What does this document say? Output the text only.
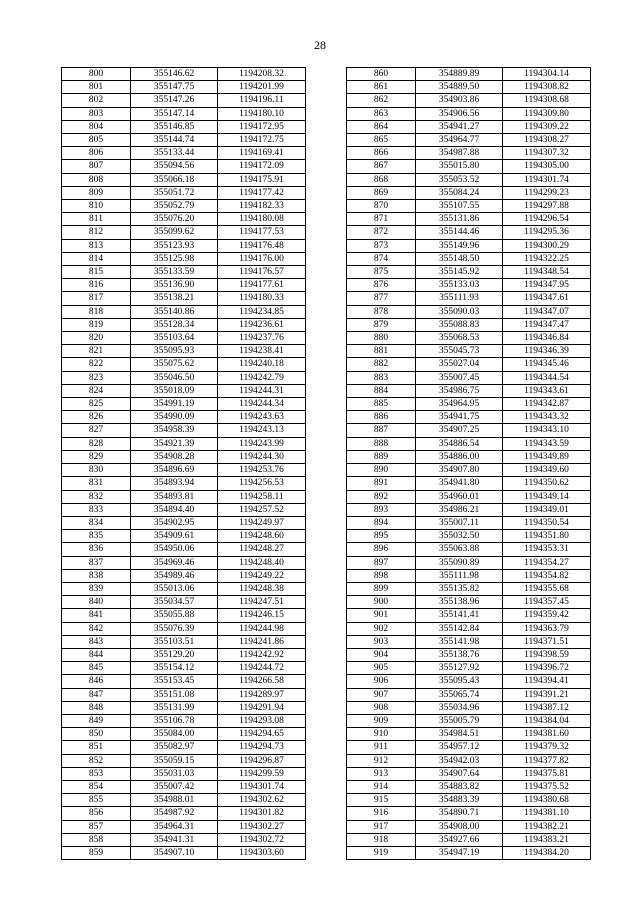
28
800	355146.62	1194208.32
801	355147.75	1194201.99
802	355147.26	1194196.11
803	355147.14	1194180.10
804	355146.85	1194172.95
805	355144.74	1194172.75
806	355133.44	1194169.41
807	355094.56	1194172.09
808	355066.18	1194175.91
809	355051.72	1194177.42
810	355052.79	1194182.33
811	355076.20	1194180.08
812	355099.62	1194177.53
813	355123.93	1194176.48
814	355125.98	1194176.00
815	355133.59	1194176.57
816	355136.90	1194177.61
817	355138.21	1194180.33
818	355140.86	1194234.85
819	355128.34	1194236.61
820	355103.64	1194237.76
821	355095.93	1194238.41
822	355075.62	1194240.18
823	355046.50	1194242.79
824	355018.09	1194244.31
825	354991.19	1194244.34
826	354990.09	1194243.63
827	354958.39	1194243.13
828	354921.39	1194243.99
829	354908.28	1194244.30
830	354896.69	1194253.76
831	354893.94	1194256.53
832	354893.81	1194258.11
833	354894.40	1194257.52
834	354902.95	1194249.97
835	354909.61	1194248.60
836	354950.06	1194248.27
837	354969.46	1194248.40
838	354989.46	1194249.22
839	355013.06	1194248.38
840	355034.57	1194247.51
841	355055.88	1194246.15
842	355076.39	1194244.98
843	355103.51	1194241.86
844	355129.20	1194242.92
845	355154.12	1194244.72
846	355153.45	1194266.58
847	355151.08	1194289.97
848	355131.99	1194291.94
849	355106.78	1194293.08
850	355084.00	1194294.65
851	355082.97	1194294.73
852	355059.15	1194296.87
853	355031.03	1194299.59
854	355007.42	1194301.74
855	354988.01	1194302.62
856	354987.92	1194301.82
857	354964.31	1194302.27
858	354941.31	1194302.72
859	354907.10	1194303.60
860	354889.89	1194304.14
861	354889.50	1194308.82
862	354903.86	1194308.68
863	354906.56	1194309.80
864	354941.27	1194309.22
865	354964.77	1194308.27
866	354987.88	1194307.32
867	355015.80	1194305.00
868	355053.52	1194301.74
869	355084.24	1194299.23
870	355107.55	1194297.88
871	355131.86	1194296.54
872	355144.46	1194295.36
873	355149.96	1194300.29
874	355148.50	1194322.25
875	355145.92	1194348.54
876	355133.03	1194347.95
877	355111.93	1194347.61
878	355090.03	1194347.07
879	355088.83	1194347.47
880	355068.53	1194346.84
881	355045.73	1194346.39
882	355027.04	1194345.46
883	355007.45	1194344.54
884	354986.75	1194343.61
885	354964.95	1194342.87
886	354941.75	1194343.32
887	354907.25	1194343.10
888	354886.54	1194343.59
889	354886.00	1194349.89
890	354907.80	1194349.60
891	354941.80	1194350.62
892	354960.01	1194349.14
893	354986.21	1194349.01
894	355007.11	1194350.54
895	355032.50	1194351.80
896	355063.88	1194353.31
897	355090.89	1194354.27
898	355111.98	1194354.82
899	355135.82	1194355.68
900	355138.96	1194357.45
901	355141.41	1194359.42
902	355142.84	1194363.79
903	355141.98	1194371.51
904	355138.76	1194398.59
905	355127.92	1194396.72
906	355095.43	1194394.41
907	355065.74	1194391.21
908	355034.96	1194387.12
909	355005.79	1194384.04
910	354984.51	1194381.60
911	354957.12	1194379.32
912	354942.03	1194377.82
913	354907.64	1194375.81
914	354883.82	1194375.52
915	354883.39	1194380.68
916	354890.71	1194381.10
917	354908.00	1194382.21
918	354927.66	1194383.21
919	354947.19	1194384.20
